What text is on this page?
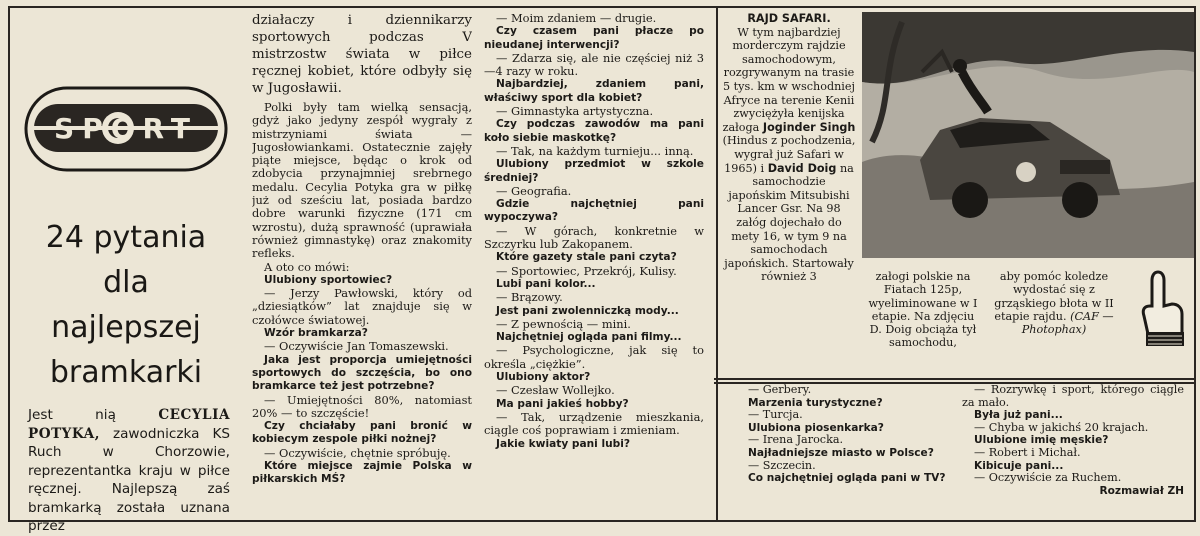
SPORT
24 pytania
dla
najlepszej
bramkarki
Jest nią	CECYLIA POTYKA, zawodniczka KS Ruch w Chorzowie, reprezentantka kraju w piłce ręcznej. Najlepszą zaś bramkarką została uznana przez

działaczy i dziennikarzy sportowych podczas V mistrzostw świata w piłce ręcznej kobiet, które odbyły się w Jugosławii.

Polki były tam wielką sensacją, gdyż jako jedyny zespół wygrały z mistrzyniami świata — Jugosłowiankami. Ostatecznie zajęły piąte miejsce, będąc o krok od zdobycia przynajmniej srebrnego medalu. Cecylia Potyka gra w piłkę już od sześciu lat, posiada bardzo dobre warunki fizyczne (171 cm wzrostu), dużą sprawność (uprawiała również gimnastykę) oraz znakomity refleks.

A oto co mówi:

Ulubiony sportowiec?

— Jerzy Pawłowski, który od „dziesiątków” lat znajduje się w czołówce światowej.

Wzór bramkarza?

— Oczywiście Jan Tomaszewski.

Jaka jest proporcja umiejętności sportowych do szczęścia, bo ono bramkarce też jest potrzebne?

— Umiejętności 80%, natomiast 20% — to szczęście!

Czy chciałaby pani bronić w kobiecym zespole piłki nożnej?

— Oczywiście, chętnie spróbuję.

Które miejsce zajmie Polska w piłkarskich MŚ?

— Moim zdaniem — drugie.

Czy czasem pani płacze po nieudanej interwencji?

— Zdarza się, ale nie częściej niż 3—4 razy w roku.

Najbardziej, zdaniem pani, właściwy sport dla kobiet?

— Gimnastyka artystyczna.

Czy podczas zawodów ma pani koło siebie maskotkę?

— Tak, na każdym turnieju... inną.

Ulubiony przedmiot w szkole średniej?

— Geografia.

Gdzie najchętniej pani wypoczywa?

— W górach, konkretnie w Szczyrku lub Zakopanem.

Które gazety stale pani czyta?

— Sportowiec, Przekrój, Kulisy.

Lubi pani kolor...

— Brązowy.

Jest pani zwolenniczką mody...

— Z pewnością — mini.

Najchętniej ogląda pani filmy...

— Psychologiczne, jak się to określa „ciężkie”.

Ulubiony aktor?

— Czesław Wollejko.

Ma pani jakieś hobby?

— Tak, urządzenie mieszkania, ciągle coś poprawiam i zmieniam.

Jakie kwiaty pani lubi?

RAJD SAFARI.
W tym najbardziej morderczym rajdzie samochodowym, rozgrywanym na trasie 5 tys. km w wschodniej Afryce na terenie Kenii zwyciężyła kenijska załoga Joginder Singh (Hindus z pochodzenia, wygrał już Safari w 1965) i David Doig na samochodzie japońskim Mitsubishi Lancer Gsr. Na 98 załóg dojechało do mety 16, w tym 9 na samochodach japońskich. Startowały również 3	załogi polskie na Fiatach 125p, wyeliminowane w I etapie. Na zdjęciu D. Doig obciąża tył samochodu,
aby pomóc koledze wydostać się z grząskiego błota w II etapie rajdu. (CAF — Photophax)

— Gerbery.

Marzenia turystyczne?

— Turcja.

Ulubiona piosenkarka?

— Irena Jarocka.

Najładniejsze miasto w Polsce?

— Szczecin.

Co najchętniej ogląda pani w TV?

— Rozrywkę i sport, którego ciągle za mało.

Była już pani...

— Chyba w jakichś 20 krajach.

Ulubione imię męskie?

— Robert i Michał.

Kibicuje pani...

— Oczywiście za Ruchem.

Rozmawiał ZH
